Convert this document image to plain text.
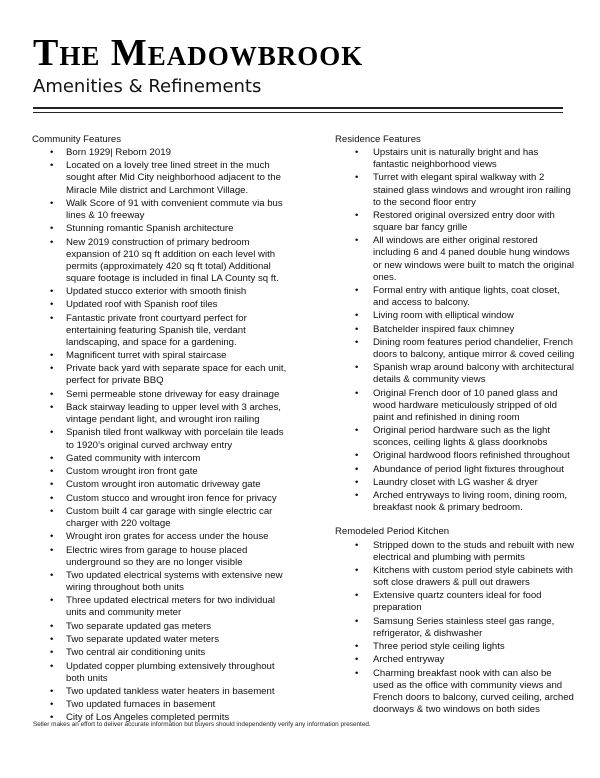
The Meadowbrook

Amenities & Refinements

Community Features
• Born 1929| Reborn 2019
• Located on a lovely tree lined street in the much sought after Mid City neighborhood adjacent to the Miracle Mile district and Larchmont Village.
• Walk Score of 91 with convenient commute via bus lines & 10 freeway
• Stunning romantic Spanish architecture
• New 2019 construction of primary bedroom expansion of 210 sq ft addition on each level with permits (approximately 420 sq ft total) Additional square footage is included in final LA County sq ft.
• Updated stucco exterior with smooth finish
• Updated roof with Spanish roof tiles
• Fantastic private front courtyard perfect for entertaining featuring Spanish tile, verdant landscaping, and space for a gardening.
• Magnificent turret with spiral staircase
• Private back yard with separate space for each unit, perfect for private BBQ
• Semi permeable stone driveway for easy drainage
• Back stairway leading to upper level with 3 arches, vintage pendant light, and wrought iron railing
• Spanish tiled front walkway with porcelain tile leads to 1920’s original curved archway entry
• Gated community with intercom
• Custom wrought iron front gate
• Custom wrought iron automatic driveway gate
• Custom stucco and wrought iron fence for privacy
• Custom built 4 car garage with single electric car charger with 220 voltage
• Wrought iron grates for access under the house
• Electric wires from garage to house placed underground so they are no longer visible
• Two updated electrical systems with extensive new wiring throughout both units
• Three updated electrical meters for two individual units and community meter
• Two separate updated gas meters
• Two separate updated water meters
• Two central air conditioning units
• Updated copper plumbing extensively throughout both units
• Two updated tankless water heaters in basement
• Two updated furnaces in basement
• City of Los Angeles completed permits
Residence Features
• Upstairs unit is naturally bright and has fantastic neighborhood views
• Turret with elegant spiral walkway with 2 stained glass windows and wrought iron railing to the second floor entry
• Restored original oversized entry door with square bar fancy grille
• All windows are either original restored including 6 and 4 paned double hung windows or new windows were built to match the original ones.
• Formal entry with antique lights, coat closet, and access to balcony.
• Living room with elliptical window
• Batchelder inspired faux chimney
• Dining room features period chandelier, French doors to balcony, antique mirror & coved ceiling
• Spanish wrap around balcony with architectural details & community views
• Original French door of 10 paned glass and wood hardware meticulously stripped of old paint and refinished in dining room
• Original period hardware such as the light sconces, ceiling lights & glass doorknobs
• Original hardwood floors refinished throughout
• Abundance of period light fixtures throughout
• Laundry closet with LG washer & dryer
• Arched entryways to living room, dining room, breakfast nook & primary bedroom.
Remodeled Period Kitchen
• Stripped down to the studs and rebuilt with new electrical and plumbing with permits
• Kitchens with custom period style cabinets with soft close drawers & pull out drawers
• Extensive quartz counters ideal for food preparation
• Samsung Series stainless steel gas range, refrigerator, & dishwasher
• Three period style ceiling lights
• Arched entryway
• Charming breakfast nook with can also be used as the office with community views and French doors to balcony, curved ceiling, arched doorways & two windows on both sides
Seller makes an effort to deliver accurate information but buyers should independently verify any information presented.
